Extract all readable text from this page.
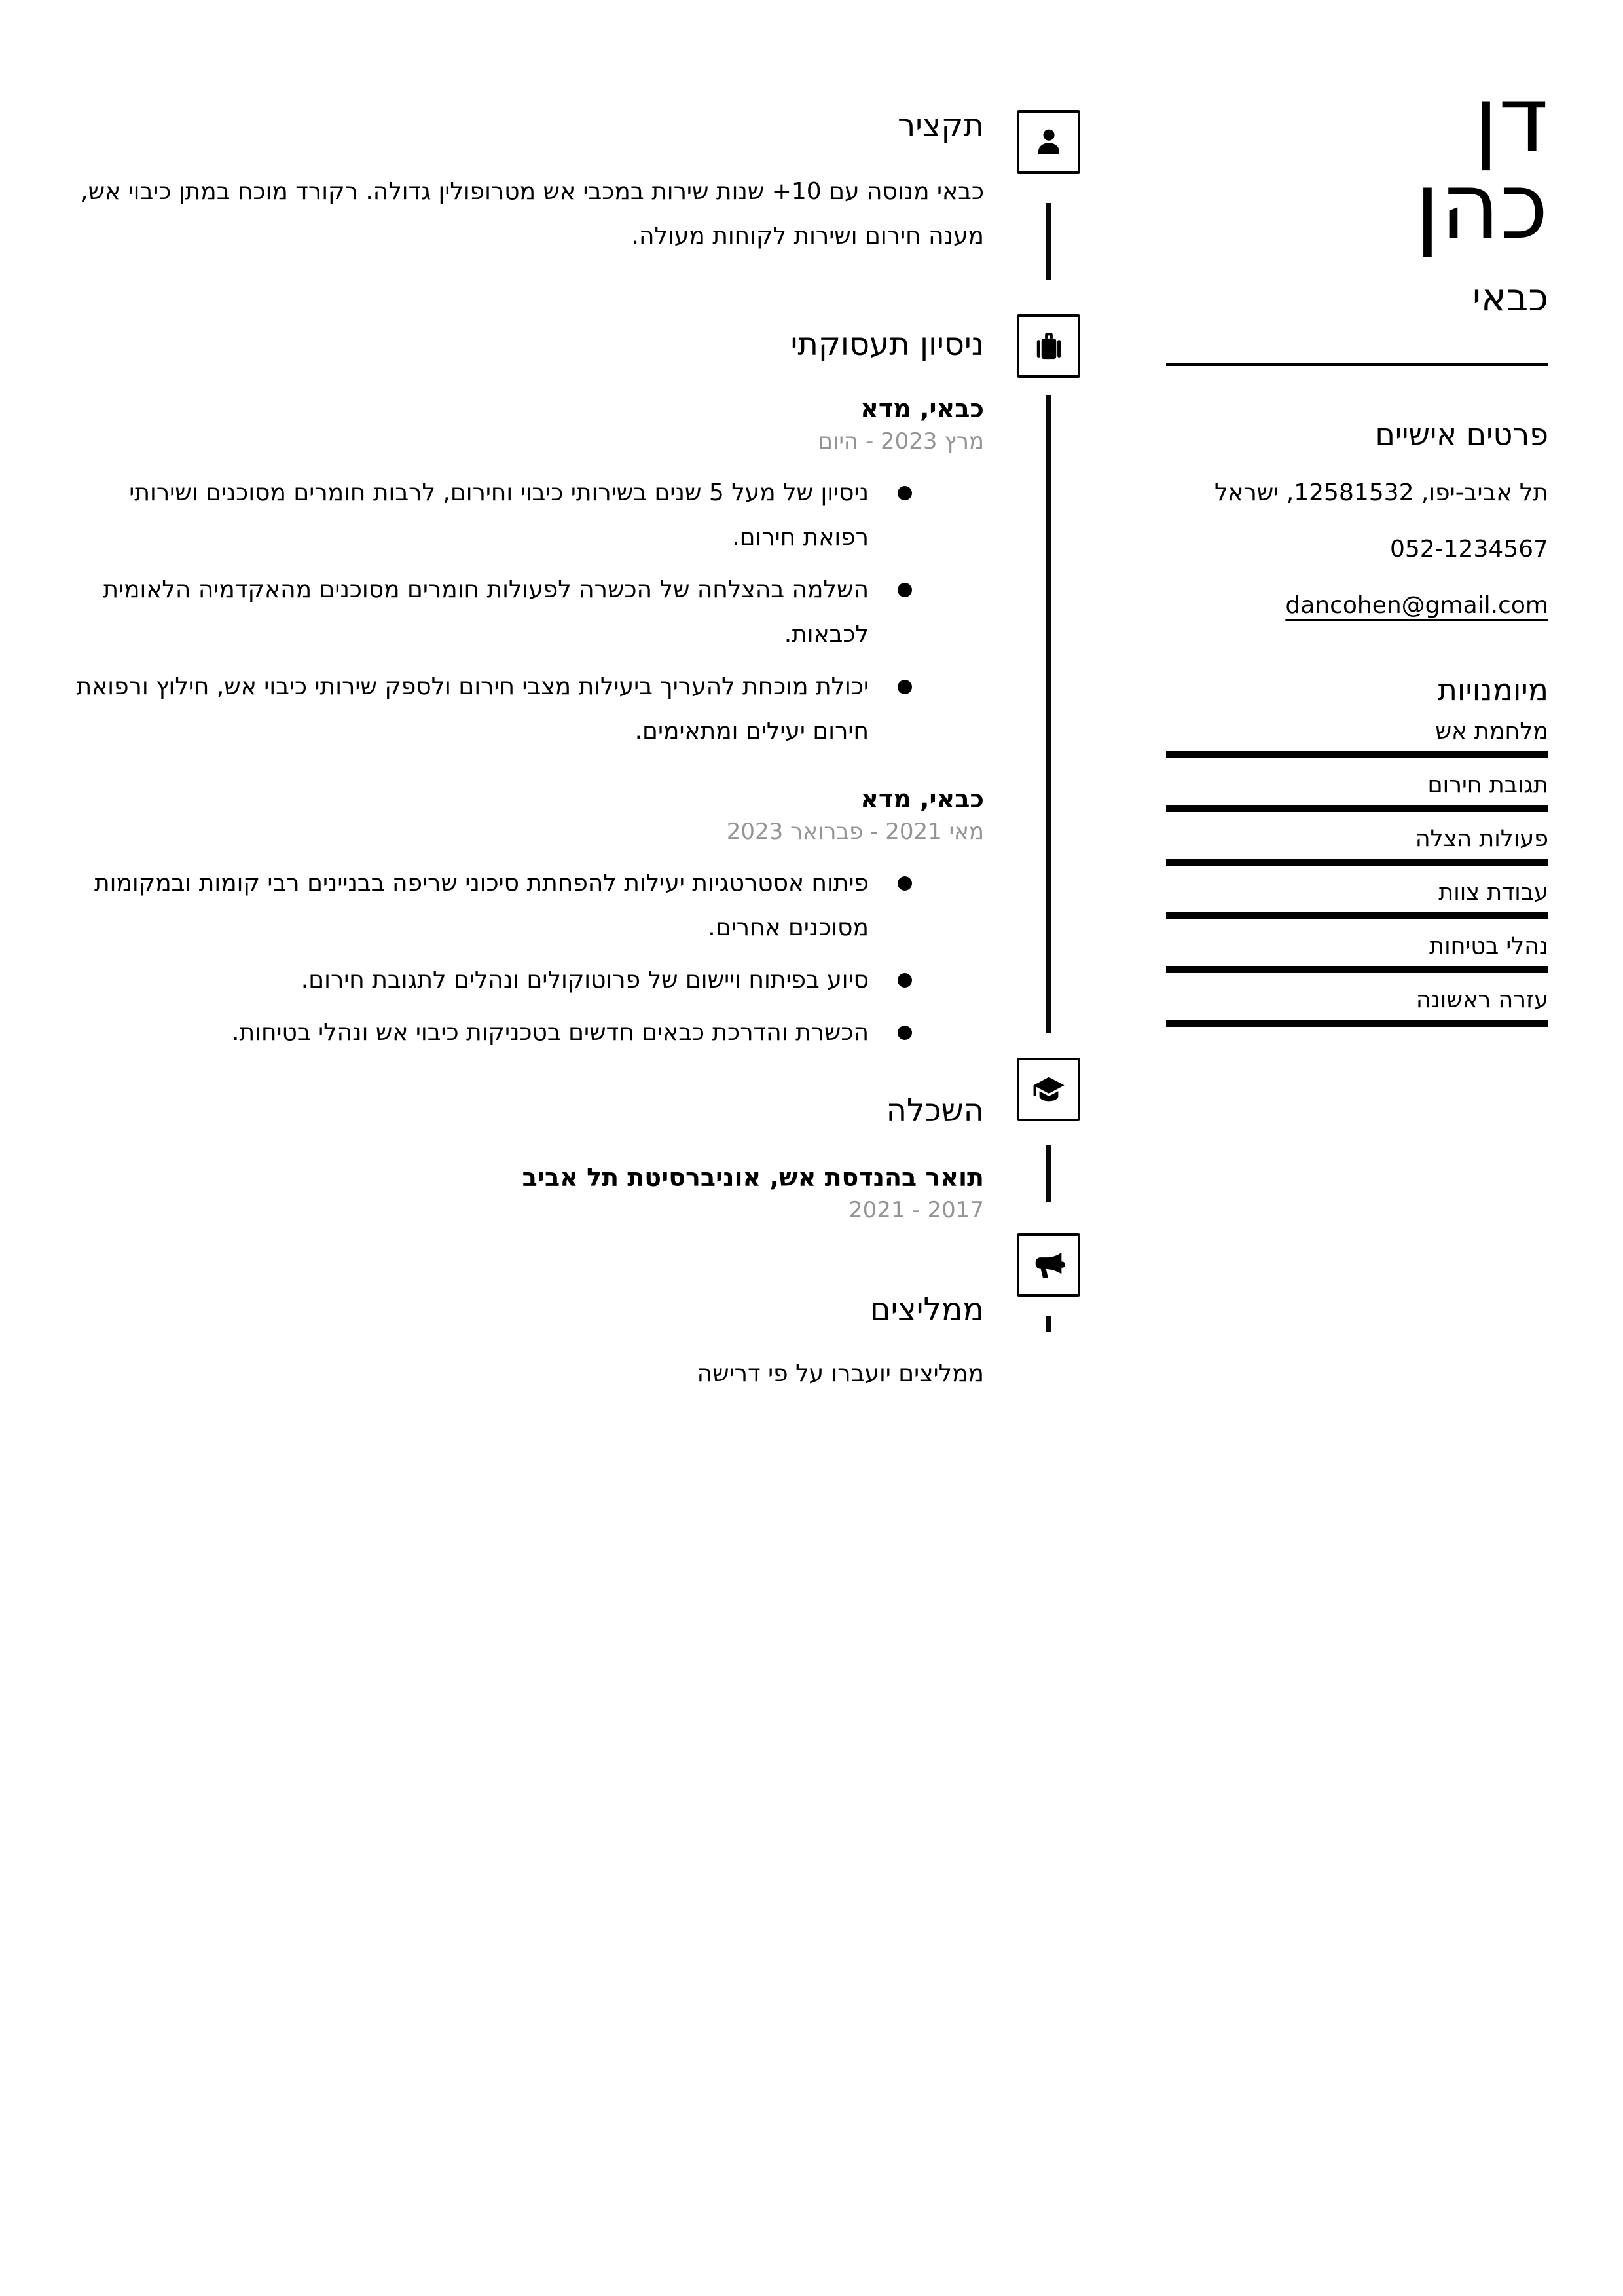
תקציר

כבאי מנוסה עם 10+ שנות שירות במכבי אש מטרופולין גדולה. רקורד מוכח במתן כיבוי אש, מענה חירום ושירות לקוחות מעולה.

ניסיון תעסוקתי
כבאי, מדא

מרץ 2023 - היום

ניסיון של מעל 5 שנים בשירותי כיבוי וחירום, לרבות חומרים מסוכנים ושירותי רפואת חירום.
השלמה בהצלחה של הכשרה לפעולות חומרים מסוכנים מהאקדמיה הלאומית לכבאות.
יכולת מוכחת להעריך ביעילות מצבי חירום ולספק שירותי כיבוי אש, חילוץ ורפואת חירום יעילים ומתאימים.
כבאי, מדא

מאי 2021 - פברואר 2023

פיתוח אסטרטגיות יעילות להפחתת סיכוני שריפה בבניינים רבי קומות ובמקומות מסוכנים אחרים.
סיוע בפיתוח ויישום של פרוטוקולים ונהלים לתגובת חירום.
הכשרת והדרכת כבאים חדשים בטכניקות כיבוי אש ונהלי בטיחות.
השכלה

תואר בהנדסת אש, אוניברסיטת תל אביב

2017 - 2021

ממליצים

ממליצים יועברו על פי דרישה

דן
כהן
כבאי
פרטים אישיים

תל אביב-יפו, 12581532, ישראל

052-1234567

dancohen@gmail.com

מיומנויות
מלחמת אש
תגובת חירום
פעולות הצלה
עבודת צוות
נהלי בטיחות
עזרה ראשונה
